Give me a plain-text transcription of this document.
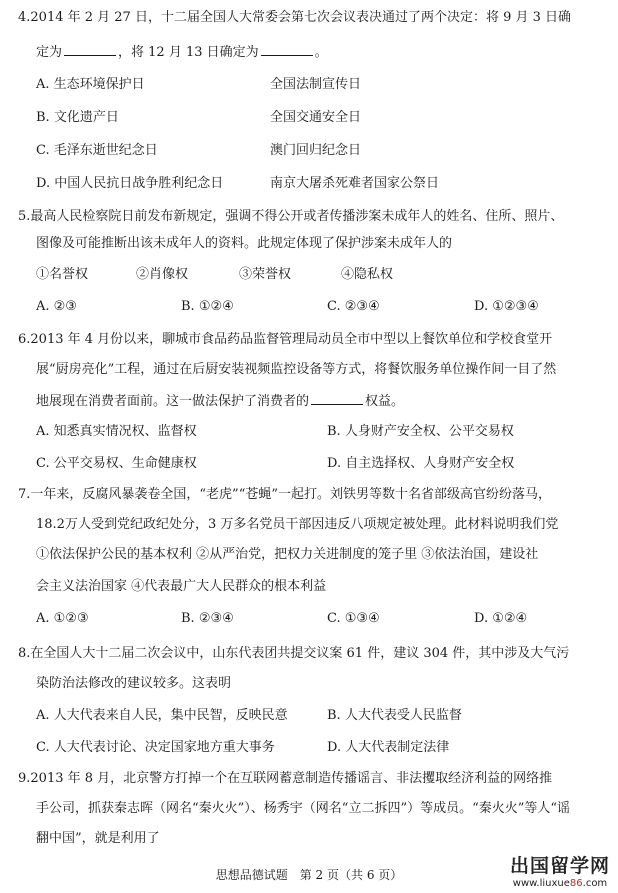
4.2014 年 2 月 27 日，十二届全国人大常委会第七次会议表决通过了两个决定：将 9 月 3 日确
定为	，将 12 月 13 日确定为	。
A. 生态环境保护日	全国法制宣传日
B. 文化遗产日	全国交通安全日
C. 毛泽东逝世纪念日	澳门回归纪念日
D. 中国人民抗日战争胜利纪念日	南京大屠杀死难者国家公祭日
5.最高人民检察院日前发布新规定，强调不得公开或者传播涉案未成年人的姓名、住所、照片、
图像及可能推断出该未成年人的资料。此规定体现了保护涉案未成年人的
①名誉权	②肖像权	③荣誉权	④隐私权
A. ②③	B. ①②④	C. ②③④	D. ①②③④
6.2013 年 4 月份以来，聊城市食品药品监督管理局动员全市中型以上餐饮单位和学校食堂开
展“厨房亮化”工程，通过在后厨安装视频监控设备等方式，将餐饮服务单位操作间一目了然
地展现在消费者面前。这一做法保护了消费者的	权益。
A. 知悉真实情况权、监督权	B. 人身财产安全权、公平交易权
C. 公平交易权、生命健康权	D. 自主选择权、人身财产安全权
7.一年来，反腐风暴袭卷全国，“老虎”“苍蝇”一起打。刘铁男等数十名省部级高官纷纷落马，
18.2万人受到党纪政纪处分，3 万多名党员干部因违反八项规定被处理。此材料说明我们党
①依法保护公民的基本权利 ②从严治党，把权力关进制度的笼子里 ③依法治国，建设社
会主义法治国家 ④代表最广大人民群众的根本利益
A. ①②③	B. ②③④	C. ①③④	D. ①②④
8.在全国人大十二届二次会议中，山东代表团共提交议案 61 件，建议 304 件，其中涉及大气污
染防治法修改的建议较多。这表明
A. 人大代表来自人民，集中民智，反映民意	B. 人大代表受人民监督
C. 人大代表讨论、决定国家地方重大事务	D. 人大代表制定法律
9.2013 年 8 月，北京警方打掉一个在互联网蓄意制造传播谣言、非法攫取经济利益的网络推
手公司，抓获秦志晖（网名“秦火火”）、杨秀宇（网名“立二拆四”）等成员。“秦火火”等人“谣
翻中国”，就是利用了
思想品德试题　第 2 页（共 6 页）	出国留学网
www.liuxue86.com
